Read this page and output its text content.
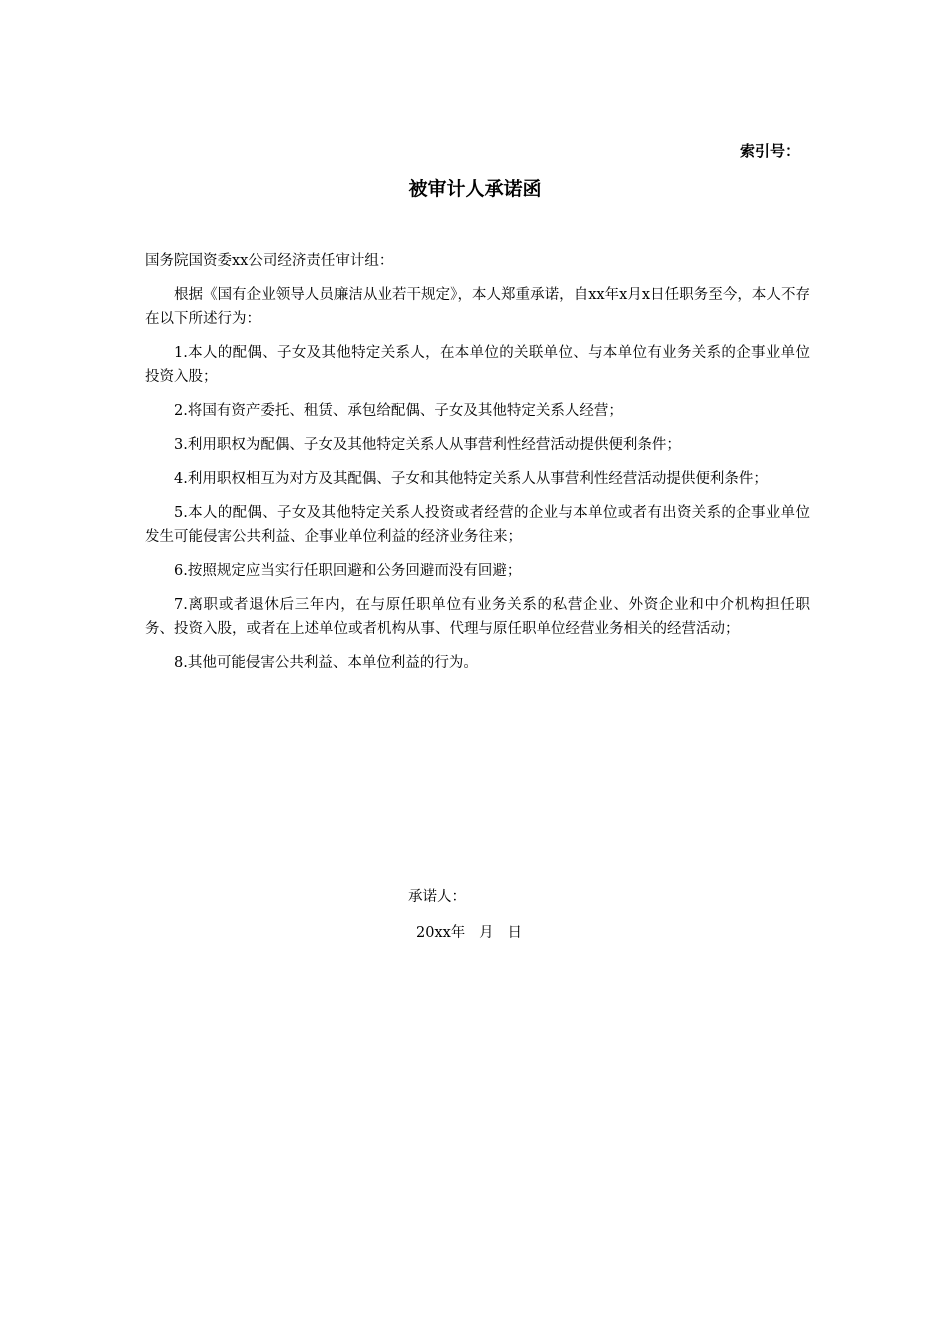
索引号：
被审计人承诺函

国务院国资委xx公司经济责任审计组：

根据《国有企业领导人员廉洁从业若干规定》，本人郑重承诺，自xx年x月x日任职务至今，本人不存在以下所述行为：

1.本人的配偶、子女及其他特定关系人，在本单位的关联单位、与本单位有业务关系的企事业单位投资入股；

2.将国有资产委托、租赁、承包给配偶、子女及其他特定关系人经营；

3.利用职权为配偶、子女及其他特定关系人从事营利性经营活动提供便利条件；

4.利用职权相互为对方及其配偶、子女和其他特定关系人从事营利性经营活动提供便利条件；

5.本人的配偶、子女及其他特定关系人投资或者经营的企业与本单位或者有出资关系的企事业单位发生可能侵害公共利益、企事业单位利益的经济业务往来；

6.按照规定应当实行任职回避和公务回避而没有回避；

7.离职或者退休后三年内，在与原任职单位有业务关系的私营企业、外资企业和中介机构担任职务、投资入股，或者在上述单位或者机构从事、代理与原任职单位经营业务相关的经营活动；

8.其他可能侵害公共利益、本单位利益的行为。

承诺人：

20xx年   月   日
